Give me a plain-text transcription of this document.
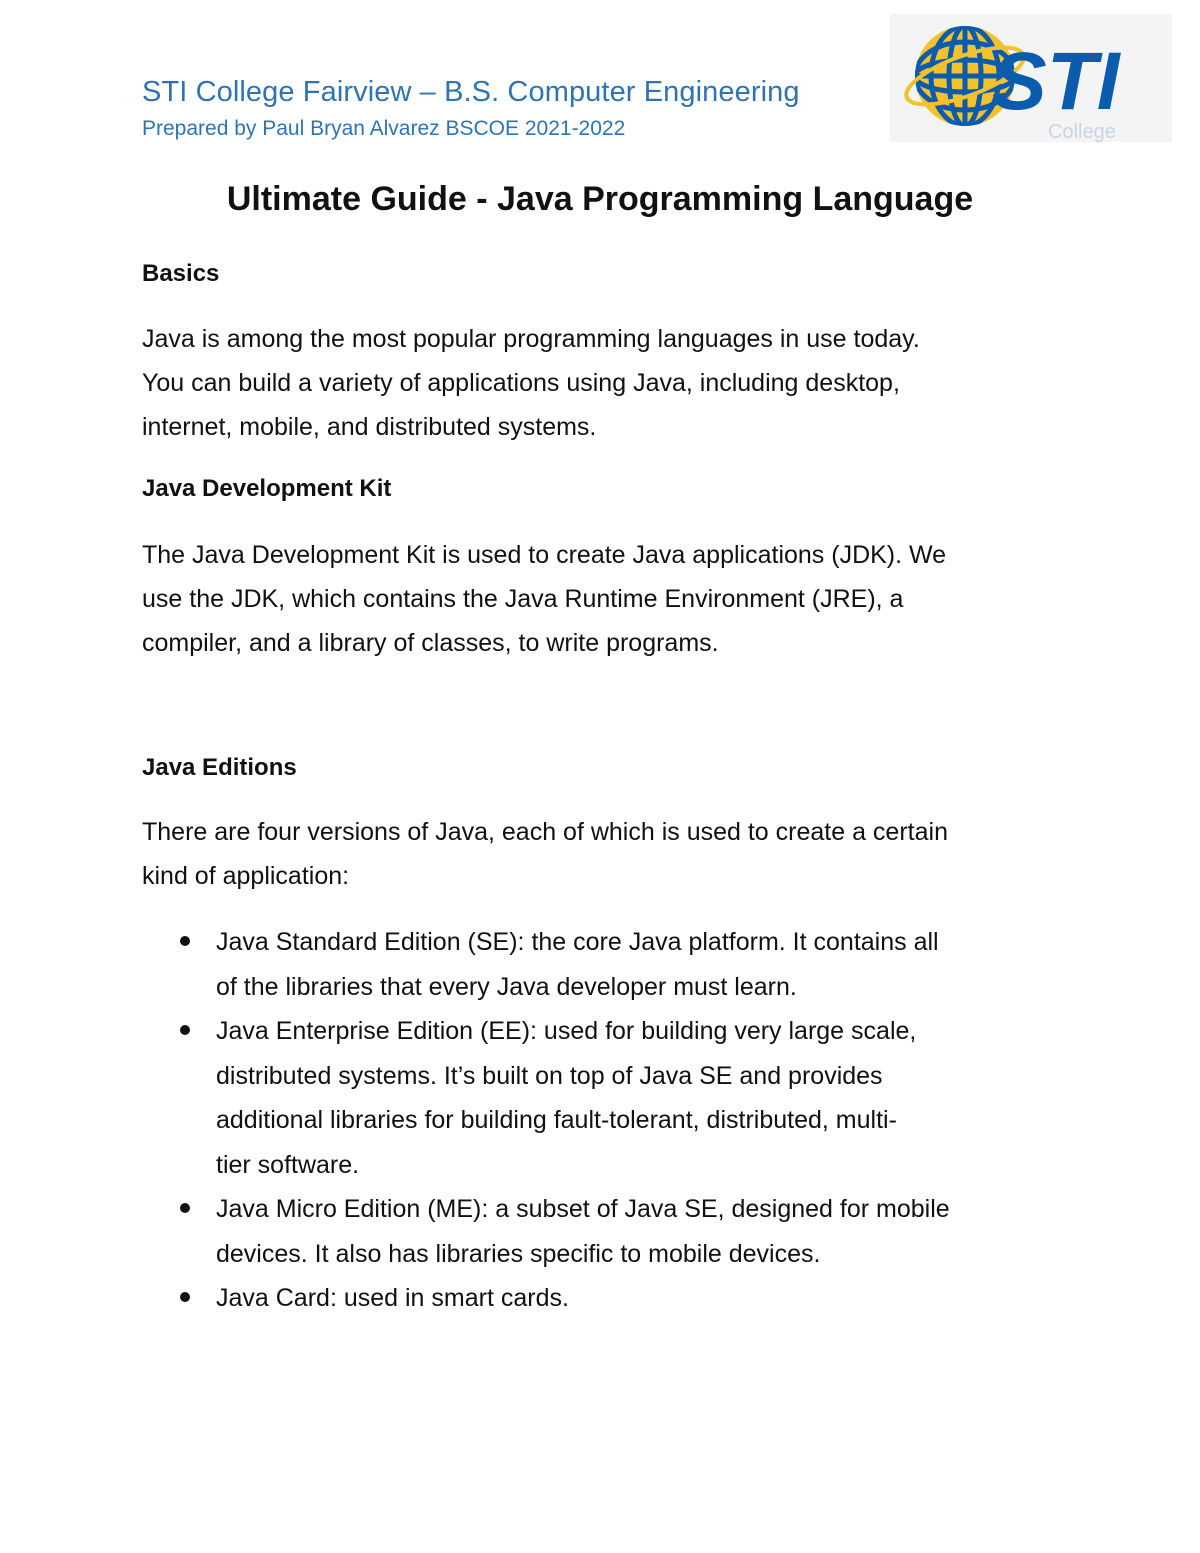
STI College Fairview – B.S. Computer Engineering
Prepared by Paul Bryan Alvarez BSCOE 2021-2022
STI
College
Ultimate Guide - Java Programming Language
Basics
Java is among the most popular programming languages in use today.
You can build a variety of applications using Java, including desktop,
internet, mobile, and distributed systems.
Java Development Kit
The Java Development Kit is used to create Java applications (JDK). We
use the JDK, which contains the Java Runtime Environment (JRE), a
compiler, and a library of classes, to write programs.
Java Editions
There are four versions of Java, each of which is used to create a certain
kind of application:
Java Standard Edition (SE): the core Java platform. It contains all
of the libraries that every Java developer must learn.
Java Enterprise Edition (EE): used for building very large scale,
distributed systems. It’s built on top of Java SE and provides
additional libraries for building fault-tolerant, distributed, multi-
tier software.
Java Micro Edition (ME): a subset of Java SE, designed for mobile
devices. It also has libraries specific to mobile devices.
Java Card: used in smart cards.
